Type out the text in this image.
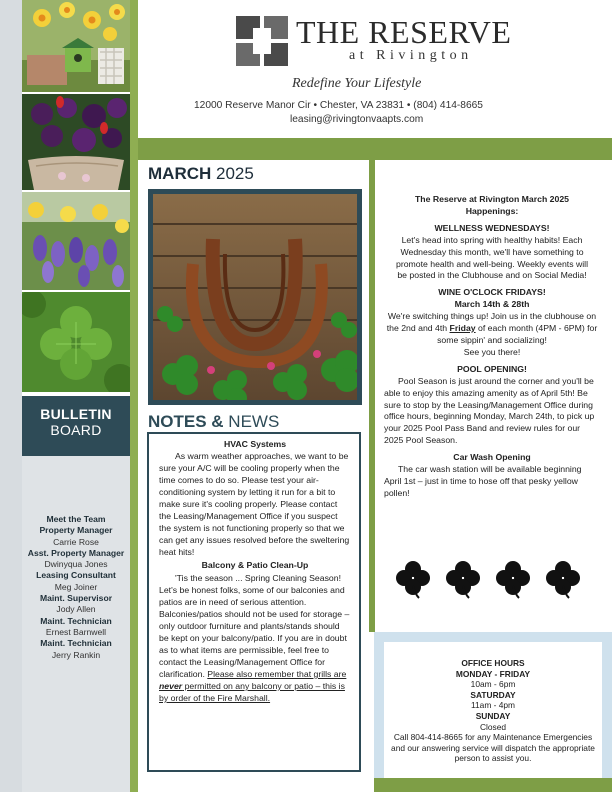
BULLETIN
BOARD
Meet the Team
Property Manager
Carrie Rose
Asst. Property Manager
Dwinyqua Jones
Leasing Consultant
Meg Joiner
Maint. Supervisor
Jody Allen
Maint. Technician
Ernest Barnwell
Maint. Technician
Jerry Rankin
THE RESERVE
at Rivington
Redefine Your Lifestyle
12000 Reserve Manor Cir • Chester, VA 23831 • (804) 414-8665
leasing@rivingtonvaapts.com
MARCH 2025
NOTES & NEWS
HVAC Systems

As warm weather approaches, we want to be sure your A/C will be cooling properly when the time comes to do so. Please test your air-conditioning system by letting it run for a bit to make sure it's cooling properly. Please contact the Leasing/Management Office if you suspect the system is not functioning properly so that we can get any issues resolved before the sweltering heat hits!

Balcony & Patio Clean-Up

'Tis the season ... Spring Cleaning Season! Let's be honest folks, some of our balconies and patios are in need of serious attention. Balconies/patios should not be used for storage – only outdoor furniture and plants/stands should be kept on your balcony/patio. If you are in doubt as to what items are permissible, feel free to contact the Leasing/Management Office for clarification. Please also remember that grills are never permitted on any balcony or patio – this is by order of the Fire Marshall.

HIGHLIGHTS
The Reserve at Rivington March 2025 Happenings:
WELLNESS WEDNESDAYS!
Let's head into spring with healthy habits! Each Wednesday this month, we'll have something to promote health and well-being. Weekly events will be posted in the Clubhouse and on Social Media!
WINE O'CLOCK FRIDAYS!
March 14th & 28th
We're switching things up! Join us in the clubhouse on the 2nd and 4th Friday of each month (4PM - 6PM) for some sippin' and socializing!
See you there!
POOL OPENING!
Pool Season is just around the corner and you'll be able to enjoy this amazing amenity as of April 5th! Be sure to stop by the Leasing/Management Office during office hours, beginning Monday, March 24th, to pick up your 2025 Pool Pass Band and review rules for our 2025 Pool Season.
Car Wash Opening
The car wash station will be available beginning April 1st – just in time to hose off that pesky yellow pollen!
OFFICE HOURS
MONDAY - FRIDAY
10am - 6pm
SATURDAY
11am - 4pm
SUNDAY
Closed
Call 804-414-8665 for any Maintenance Emergencies and our answering service will dispatch the appropriate person to assist you.
